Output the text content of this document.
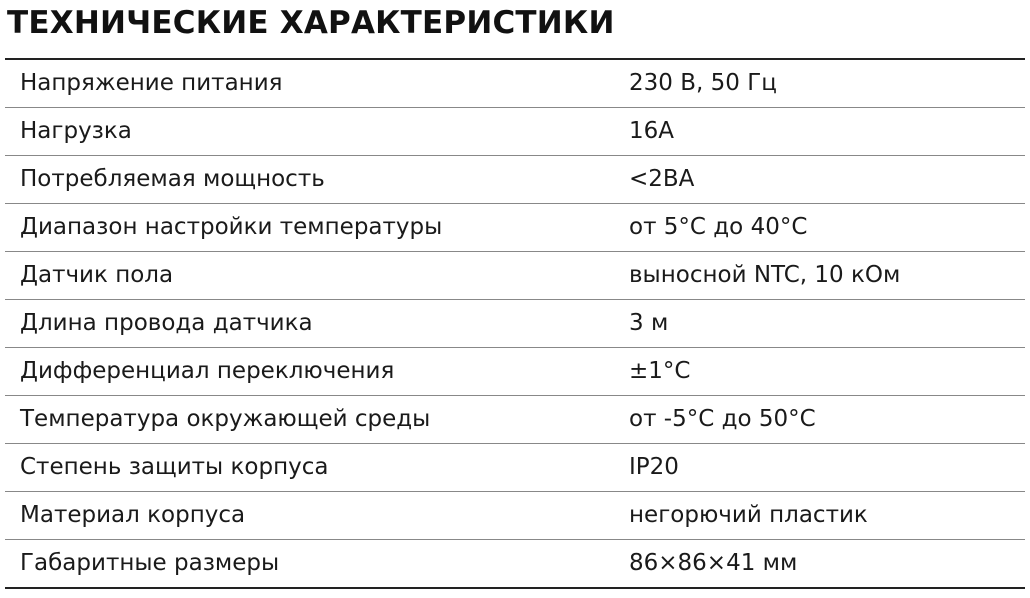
ТЕХНИЧЕСКИЕ ХАРАКТЕРИСТИКИ
Напряжение питания	230 В, 50 Гц
Нагрузка	16А
Потребляемая мощность	<2ВА
Диапазон настройки температуры	от 5°С до 40°С
Датчик пола	выносной NTC, 10 кОм
Длина провода датчика	3 м
Дифференциал переключения	±1°С
Температура окружающей среды	от -5°С до 50°С
Степень защиты корпуса	IP20
Материал корпуса	негорючий пластик
Габаритные размеры	86×86×41 мм
